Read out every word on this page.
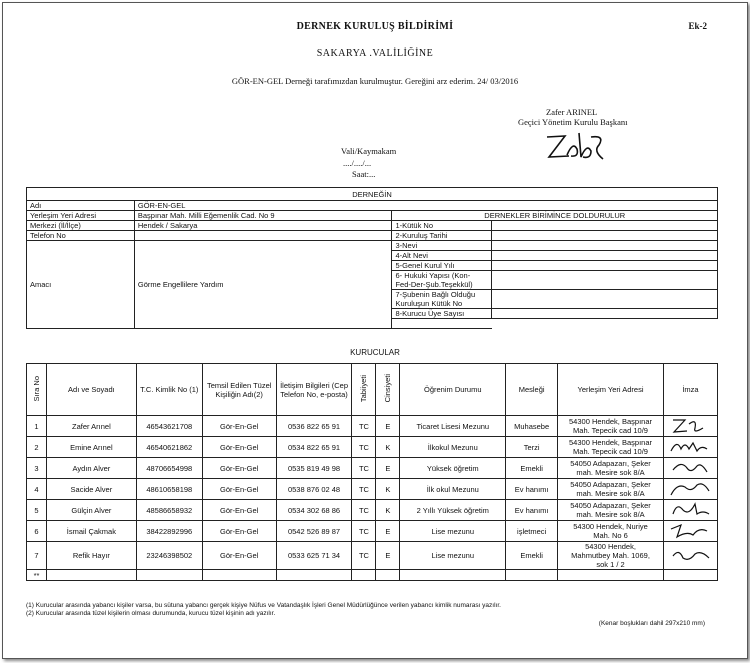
DERNEK KURULUŞ BİLDİRİMİ	Ek-2
SAKARYA .VALİLİĞİNE
GÖR-EN-GEL Derneği tarafımızdan kurulmuştur. Gereğini arz ederim. 24/ 03/2016
Zafer ARINEL
Geçici Yönetim Kurulu Başkanı
Vali/Kaymakam
..../..../...
Saat:...
DERNEĞİN			
Adı	GÖR-EN-GEL		
Yerleşim Yeri Adresi	Başpınar Mah. Milli Eğemenlik Cad. No 9	DERNEKLER BİRİMİNCE DOLDURULUR	
Merkezi (İl/İlçe)	Hendek / Sakarya	1-Kütük No	
Telefon No		2-Kuruluş Tarihi	
Amacı	Görme Engellilere Yardım	3-Nevi	
		4-Alt Nevi	
		5-Genel Kurul Yılı	
		6- Hukuki Yapısı (Kon-
Fed-Der-Şub.Teşekkül)	
		7-Şubenin Bağlı Olduğu
Kuruluşun Kütük No	
		8-Kurucu Üye Sayısı	

KURUCULAR
Sıra No	Adı ve Soyadı	T.C. Kimlik No (1)	Temsil Edilen Tüzel Kişiliğin Adı(2)	İletişim Bilgileri (Cep Telefon No, e-posta)	Tabiiyeti	Cinsiyeti	Öğrenim Durumu	Mesleği	Yerleşim Yeri Adresi	İmza
1	Zafer Arınel	46543621708	Gör-En-Gel	0536 822 65 91	TC	E	Ticaret Lisesi Mezunu	Muhasebe	54300 Hendek, Başpınar
Mah. Tepecik cad 10/9	
2	Emine Arınel	46540621862	Gör-En-Gel	0534 822 65 91	TC	K	İlkokul Mezunu	Terzi	54300 Hendek, Başpınar
Mah. Tepecik cad 10/9	
3	Aydın Alver	48706654998	Gör-En-Gel	0535 819 49 98	TC	E	Yüksek öğretim	Emekli	54050 Adapazarı, Şeker
mah. Mesire sok 8/A	
4	Sacide Alver	48610658198	Gör-En-Gel	0538 876 02 48	TC	K	İlk okul Mezunu	Ev hanımı	54050 Adapazarı, Şeker
mah. Mesire sok 8/A	
5	Gülçin Alver	48586658932	Gör-En-Gel	0534 302 68 86	TC	K	2 Yıllı Yüksek öğretim	Ev hanımı	54050 Adapazarı, Şeker
mah. Mesire sok 8/A	
6	İsmail Çakmak	38422892996	Gör-En-Gel	0542 526 89 87	TC	E	Lise mezunu	işletmeci	54300 Hendek, Nuriye
Mah. No 6	
7	Refik Hayır	23246398502	Gör-En-Gel	0533 625 71 34	TC	E	Lise mezunu	Emekli	54300 Hendek,
Mahmutbey Mah. 1069,
sok 1 / 2	
**										
(1) Kurucular arasında yabancı kişiler varsa, bu sütuna yabancı gerçek kişiye Nüfus ve Vatandaşlık İşleri Genel Müdürlüğünce verilen yabancı kimlik numarası yazılır.
(2) Kurucular arasında tüzel kişilerin olması durumunda, kurucu tüzel kişinin adı yazılır.
(Kenar boşlukları dahil 297x210 mm)
